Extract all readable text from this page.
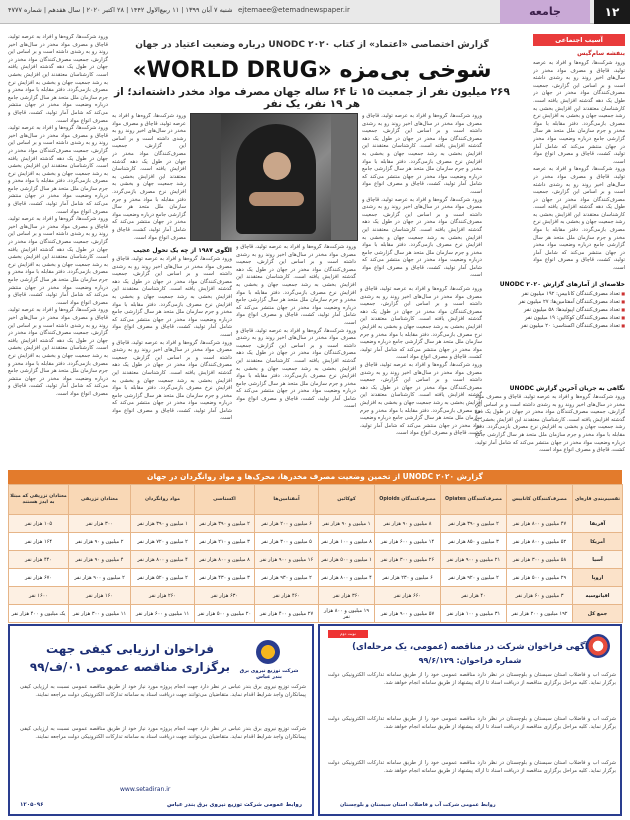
۱۲
جامعه
ejtemaee@etemadnewspaper.ir
شنبه ۷ آبان ۱۳۹۹ | ۱۱ ربیع‌الاول ۱۴۴۲ | ۲۸ اکتبر ۲۰۲۰ | سال هفدهم | شماره ۴۷۷۷
آسیب اجتماعی
بنفشه سام‌گیس
ورود شرکت‌ها، گروه‌ها و افراد به عرصه تولید، قاچاق و مصرف مواد مخدر در سال‌های اخیر روند رو به رشدی داشته است و بر اساس این گزارش، جمعیت مصرف‌کنندگان مواد مخدر در جهان در طول یک دهه گذشته افزایش یافته است. کارشناسان معتقدند این افزایش بخشی به رشد جمعیت جهان و بخشی به افزایش نرخ مصرف بازمی‌گردد. دفتر مقابله با مواد مخدر و جرم سازمان ملل متحد هر سال گزارشی جامع درباره وضعیت مواد مخدر در جهان منتشر می‌کند که شامل آمار تولید، کشت، قاچاق و مصرف انواع مواد است.
ورود شرکت‌ها، گروه‌ها و افراد به عرصه تولید، قاچاق و مصرف مواد مخدر در سال‌های اخیر روند رو به رشدی داشته است و بر اساس این گزارش، جمعیت مصرف‌کنندگان مواد مخدر در جهان در طول یک دهه گذشته افزایش یافته است. کارشناسان معتقدند این افزایش بخشی به رشد جمعیت جهان و بخشی به افزایش نرخ مصرف بازمی‌گردد. دفتر مقابله با مواد مخدر و جرم سازمان ملل متحد هر سال گزارشی جامع درباره وضعیت مواد مخدر در جهان منتشر می‌کند که شامل آمار تولید، کشت، قاچاق و مصرف انواع مواد است.
خلاصه‌ای از آمارهای گزارش UNODC ۲۰۲۰
■ تعداد مصرف‌کنندگان کانابیس: ۱۹۲ میلیون نفر
■ تعداد مصرف‌کنندگان آمفتامین‌ها: ۲۷ میلیون نفر
■ تعداد مصرف‌کنندگان اپیوئیدها: ۵۸ میلیون نفر
■ تعداد مصرف‌کنندگان کوکائین: ۱۹ میلیون نفر
■ تعداد مصرف‌کنندگان اکستاسی: ۲۰ میلیون نفر
نگاهی به جریان آخرین گزارش UNODC
ورود شرکت‌ها، گروه‌ها و افراد به عرصه تولید، قاچاق و مصرف مواد مخدر در سال‌های اخیر روند رو به رشدی داشته است و بر اساس این گزارش، جمعیت مصرف‌کنندگان مواد مخدر در جهان در طول یک دهه گذشته افزایش یافته است. کارشناسان معتقدند این افزایش بخشی به رشد جمعیت جهان و بخشی به افزایش نرخ مصرف بازمی‌گردد. دفتر مقابله با مواد مخدر و جرم سازمان ملل متحد هر سال گزارشی جامع درباره وضعیت مواد مخدر در جهان منتشر می‌کند که شامل آمار تولید، کشت، قاچاق و مصرف انواع مواد است.
گزارش اختصاصی «اعتماد» از کتاب UNODC ۲۰۲۰ درباره وضعیت اعتیاد در جهان
شوخی بی‌مزه «WORLD DRUG»
۲۶۹ میلیون نفر از جمعیت ۱۵ تا ۶۴ ساله جهان مصرف مواد مخدر داشته‌اند؛ از هر ۱۹ نفر، یک نفر
ورود شرکت‌ها، گروه‌ها و افراد به عرصه تولید، قاچاق و مصرف مواد مخدر در سال‌های اخیر روند رو به رشدی داشته است و بر اساس این گزارش، جمعیت مصرف‌کنندگان مواد مخدر در جهان در طول یک دهه گذشته افزایش یافته است. کارشناسان معتقدند این افزایش بخشی به رشد جمعیت جهان و بخشی به افزایش نرخ مصرف بازمی‌گردد. دفتر مقابله با مواد مخدر و جرم سازمان ملل متحد هر سال گزارشی جامع درباره وضعیت مواد مخدر در جهان منتشر می‌کند که شامل آمار تولید، کشت، قاچاق و مصرف انواع مواد است.
ورود شرکت‌ها، گروه‌ها و افراد به عرصه تولید، قاچاق و مصرف مواد مخدر در سال‌های اخیر روند رو به رشدی داشته است و بر اساس این گزارش، جمعیت مصرف‌کنندگان مواد مخدر در جهان در طول یک دهه گذشته افزایش یافته است. کارشناسان معتقدند این افزایش بخشی به رشد جمعیت جهان و بخشی به افزایش نرخ مصرف بازمی‌گردد. دفتر مقابله با مواد مخدر و جرم سازمان ملل متحد هر سال گزارشی جامع درباره وضعیت مواد مخدر در جهان منتشر می‌کند که شامل آمار تولید، کشت، قاچاق و مصرف انواع مواد است.
ورود شرکت‌ها، گروه‌ها و افراد به عرصه تولید، قاچاق و مصرف مواد مخدر در سال‌های اخیر روند رو به رشدی داشته است و بر اساس این گزارش، جمعیت مصرف‌کنندگان مواد مخدر در جهان در طول یک دهه گذشته افزایش یافته است. کارشناسان معتقدند این افزایش بخشی به رشد جمعیت جهان و بخشی به افزایش نرخ مصرف بازمی‌گردد. دفتر مقابله با مواد مخدر و جرم سازمان ملل متحد هر سال گزارشی جامع درباره وضعیت مواد مخدر در جهان منتشر می‌کند که شامل آمار تولید، کشت، قاچاق و مصرف انواع مواد است.
الگوی ۱۹۸۷ از چه یک تحول عجیب
ورود شرکت‌ها، گروه‌ها و افراد به عرصه تولید، قاچاق و مصرف مواد مخدر در سال‌های اخیر روند رو به رشدی داشته است و بر اساس این گزارش، جمعیت مصرف‌کنندگان مواد مخدر در جهان در طول یک دهه گذشته افزایش یافته است. کارشناسان معتقدند این افزایش بخشی به رشد جمعیت جهان و بخشی به افزایش نرخ مصرف بازمی‌گردد. دفتر مقابله با مواد مخدر و جرم سازمان ملل متحد هر سال گزارشی جامع درباره وضعیت مواد مخدر در جهان منتشر می‌کند که شامل آمار تولید، کشت، قاچاق و مصرف انواع مواد است.
ورود شرکت‌ها، گروه‌ها و افراد به عرصه تولید، قاچاق و مصرف مواد مخدر در سال‌های اخیر روند رو به رشدی داشته است و بر اساس این گزارش، جمعیت مصرف‌کنندگان مواد مخدر در جهان در طول یک دهه گذشته افزایش یافته است. کارشناسان معتقدند این افزایش بخشی به رشد جمعیت جهان و بخشی به افزایش نرخ مصرف بازمی‌گردد. دفتر مقابله با مواد مخدر و جرم سازمان ملل متحد هر سال گزارشی جامع درباره وضعیت مواد مخدر در جهان منتشر می‌کند که شامل آمار تولید، کشت، قاچاق و مصرف انواع مواد است.
ورود شرکت‌ها، گروه‌ها و افراد به عرصه تولید، قاچاق و مصرف مواد مخدر در سال‌های اخیر روند رو به رشدی داشته است و بر اساس این گزارش، جمعیت مصرف‌کنندگان مواد مخدر در جهان در طول یک دهه گذشته افزایش یافته است. کارشناسان معتقدند این افزایش بخشی به رشد جمعیت جهان و بخشی به افزایش نرخ مصرف بازمی‌گردد. دفتر مقابله با مواد مخدر و جرم سازمان ملل متحد هر سال گزارشی جامع درباره وضعیت مواد مخدر در جهان منتشر می‌کند که شامل آمار تولید، کشت، قاچاق و مصرف انواع مواد است.
ورود شرکت‌ها، گروه‌ها و افراد به عرصه تولید، قاچاق و مصرف مواد مخدر در سال‌های اخیر روند رو به رشدی داشته است و بر اساس این گزارش، جمعیت مصرف‌کنندگان مواد مخدر در جهان در طول یک دهه گذشته افزایش یافته است. کارشناسان معتقدند این افزایش بخشی به رشد جمعیت جهان و بخشی به افزایش نرخ مصرف بازمی‌گردد. دفتر مقابله با مواد مخدر و جرم سازمان ملل متحد هر سال گزارشی جامع درباره وضعیت مواد مخدر در جهان منتشر می‌کند که شامل آمار تولید، کشت، قاچاق و مصرف انواع مواد است.
ورود شرکت‌ها، گروه‌ها و افراد به عرصه تولید، قاچاق و مصرف مواد مخدر در سال‌های اخیر روند رو به رشدی داشته است و بر اساس این گزارش، جمعیت مصرف‌کنندگان مواد مخدر در جهان در طول یک دهه گذشته افزایش یافته است. کارشناسان معتقدند این افزایش بخشی به رشد جمعیت جهان و بخشی به افزایش نرخ مصرف بازمی‌گردد. دفتر مقابله با مواد مخدر و جرم سازمان ملل متحد هر سال گزارشی جامع درباره وضعیت مواد مخدر در جهان منتشر می‌کند که شامل آمار تولید، کشت، قاچاق و مصرف انواع مواد است.
ورود شرکت‌ها، گروه‌ها و افراد به عرصه تولید، قاچاق و مصرف مواد مخدر در سال‌های اخیر روند رو به رشدی داشته است و بر اساس این گزارش، جمعیت مصرف‌کنندگان مواد مخدر در جهان در طول یک دهه گذشته افزایش یافته است. کارشناسان معتقدند این افزایش بخشی به رشد جمعیت جهان و بخشی به افزایش نرخ مصرف بازمی‌گردد. دفتر مقابله با مواد مخدر و جرم سازمان ملل متحد هر سال گزارشی جامع درباره وضعیت مواد مخدر در جهان منتشر می‌کند که شامل آمار تولید، کشت، قاچاق و مصرف انواع مواد است.
ورود شرکت‌ها، گروه‌ها و افراد به عرصه تولید، قاچاق و مصرف مواد مخدر در سال‌های اخیر روند رو به رشدی داشته است و بر اساس این گزارش، جمعیت مصرف‌کنندگان مواد مخدر در جهان در طول یک دهه گذشته افزایش یافته است. کارشناسان معتقدند این افزایش بخشی به رشد جمعیت جهان و بخشی به افزایش نرخ مصرف بازمی‌گردد. دفتر مقابله با مواد مخدر و جرم سازمان ملل متحد هر سال گزارشی جامع درباره وضعیت مواد مخدر در جهان منتشر می‌کند که شامل آمار تولید، کشت، قاچاق و مصرف انواع مواد است.
ورود شرکت‌ها، گروه‌ها و افراد به عرصه تولید، قاچاق و مصرف مواد مخدر در سال‌های اخیر روند رو به رشدی داشته است و بر اساس این گزارش، جمعیت مصرف‌کنندگان مواد مخدر در جهان در طول یک دهه گذشته افزایش یافته است. کارشناسان معتقدند این افزایش بخشی به رشد جمعیت جهان و بخشی به افزایش نرخ مصرف بازمی‌گردد. دفتر مقابله با مواد مخدر و جرم سازمان ملل متحد هر سال گزارشی جامع درباره وضعیت مواد مخدر در جهان منتشر می‌کند که شامل آمار تولید، کشت، قاچاق و مصرف انواع مواد است.
ورود شرکت‌ها، گروه‌ها و افراد به عرصه تولید، قاچاق و مصرف مواد مخدر در سال‌های اخیر روند رو به رشدی داشته است و بر اساس این گزارش، جمعیت مصرف‌کنندگان مواد مخدر در جهان در طول یک دهه گذشته افزایش یافته است. کارشناسان معتقدند این افزایش بخشی به رشد جمعیت جهان و بخشی به افزایش نرخ مصرف بازمی‌گردد. دفتر مقابله با مواد مخدر و جرم سازمان ملل متحد هر سال گزارشی جامع درباره وضعیت مواد مخدر در جهان منتشر می‌کند که شامل آمار تولید، کشت، قاچاق و مصرف انواع مواد است.
ورود شرکت‌ها، گروه‌ها و افراد به عرصه تولید، قاچاق و مصرف مواد مخدر در سال‌های اخیر روند رو به رشدی داشته است و بر اساس این گزارش، جمعیت مصرف‌کنندگان مواد مخدر در جهان در طول یک دهه گذشته افزایش یافته است. کارشناسان معتقدند این افزایش بخشی به رشد جمعیت جهان و بخشی به افزایش نرخ مصرف بازمی‌گردد. دفتر مقابله با مواد مخدر و جرم سازمان ملل متحد هر سال گزارشی جامع درباره وضعیت مواد مخدر در جهان منتشر می‌کند که شامل آمار تولید، کشت، قاچاق و مصرف انواع مواد است.
گزارش UNODC ۲۰۲۰ از تخمین وضعیت مصرف مخدرها، محرک‌ها و مواد روانگردان در جهان
تقسیم‌بندی قاره‌ای	مصرف‌کنندگان کانابیس	مصرف‌کنندگان Opiates	مصرف‌کنندگان Opioids	کوکائین	آمفتامین‌ها	اکستاسی	مواد روانگردان	معتادان تزریقی	معتادان تزریقی که مبتلا به ایدز هستند
آفریقا	۴۷ میلیون و ۸۰۰ هزار نفر	۲ میلیون و ۳۹۰ هزار نفر	۸ میلیون و ۹۰ هزار نفر	۱ میلیون و ۹۰ هزار نفر	۶ میلیون و ۲۰۰ هزار نفر	۲ میلیون و ۳۹۰ هزار نفر	۱ میلیون و ۳۹۰ هزار نفر	۳۰۰ هزار نفر	۱۰۵ هزار نفر
آمریکا	۵۲ میلیون و ۸۰۰ هزار نفر	۳ میلیون و ۸۵۰ هزار نفر	۱۴ میلیون و ۶۰۰ هزار نفر	۸ میلیون و ۱۰۰ هزار نفر	۵ میلیون و ۳۰۰ هزار نفر	۳ میلیون و ۲۱۰ هزار نفر	۲ میلیون و ۷۲۰ هزار نفر	۲ میلیون و ۹۰ هزار نفر	۱۶۴ هزار نفر
آسیا	۵۸ میلیون و ۳۰۰ هزار نفر	۲۱ میلیون و ۹۰۰ هزار نفر	۲۶ میلیون و ۳۰۰ هزار نفر	۱ میلیون و ۵۰۰ هزار نفر	۱۶ میلیون و ۹۰۰ هزار نفر	۸ میلیون و ۸۰۰ هزار نفر	۴ میلیون و ۸۰۰ هزار نفر	۴ میلیون و ۹۰ هزار نفر	۴۴۰ هزار نفر
اروپا	۲۹ میلیون و ۵۰۰ هزار نفر	۲ میلیون و ۹۲۰ هزار نفر	۶ میلیون و ۲۳۰ هزار نفر	۴ میلیون و ۸۰۰ هزار نفر	۲ میلیون و ۹۳۰ هزار نفر	۳ میلیون و ۴۳۰ هزار نفر	۲ میلیون و ۵۲۰ هزار نفر	۲ میلیون و ۹۰۰ هزار نفر	۶۷۰ هزار نفر
اقیانوسیه	۳ میلیون و ۶۰ هزار نفر	۴۰ هزار نفر	۶۶۰ هزار نفر	۳۶۰ هزار نفر	۴۶۰ هزار نفر	۶۳۰ هزار نفر	۲۶۰ هزار نفر	۱۶۰ هزار نفر	۱۶۰۰ نفر
جمع کل	۱۹۲ میلیون و ۲۰۰ هزار نفر	۳۱ میلیون و ۱۰۰ هزار نفر	۵۷ میلیون و ۹۰۰ هزار نفر	۱۹ میلیون و ۸۰۰ هزار نفر	۲۷ میلیون و ۴۰۰ هزار نفر	۲۰ میلیون و ۵۰۰ هزار نفر	۱۱ میلیون و ۶۰۰ هزار نفر	۱۱ میلیون و ۳۰۰ هزار نفر	یک میلیون و ۴۰۰ هزار نفر
فراخوان ارزیابی کیفی جهت برگزاری مناقصه عمومی ۰۱/ف/۹۹	شرکت توزیع نیروی برق بندر عباس
شرکت توزیع نیروی برق بندر عباس در نظر دارد جهت انجام پروژه مورد نیاز خود از طریق مناقصه عمومی نسبت به ارزیابی کیفی پیمانکاران واجد شرایط اقدام نماید. متقاضیان می‌توانند جهت دریافت اسناد به سامانه تدارکات الکترونیکی دولت مراجعه نمایند.
شرکت توزیع نیروی برق بندر عباس در نظر دارد جهت انجام پروژه مورد نیاز خود از طریق مناقصه عمومی نسبت به ارزیابی کیفی پیمانکاران واجد شرایط اقدام نماید. متقاضیان می‌توانند جهت دریافت اسناد به سامانه تدارکات الکترونیکی دولت مراجعه نمایند.
www.setadiran.ir
روابط عمومی شرکت توزیع نیروی برق بندر عباس
۱۲۰۵۰۹۶
نوبت دوم
آگهی فراخوان شرکت در مناقصه (عمومی، یک مرحله‌ای)
شماره فراخوان: ۹۹/۶/۱۲۹
شرکت آب و فاضلاب استان سیستان و بلوچستان در نظر دارد مناقصه عمومی خود را از طریق سامانه تدارکات الکترونیکی دولت برگزار نماید. کلیه مراحل برگزاری مناقصه از دریافت اسناد تا ارائه پیشنهاد از طریق سامانه انجام خواهد شد.
شرکت آب و فاضلاب استان سیستان و بلوچستان در نظر دارد مناقصه عمومی خود را از طریق سامانه تدارکات الکترونیکی دولت برگزار نماید. کلیه مراحل برگزاری مناقصه از دریافت اسناد تا ارائه پیشنهاد از طریق سامانه انجام خواهد شد.
شرکت آب و فاضلاب استان سیستان و بلوچستان در نظر دارد مناقصه عمومی خود را از طریق سامانه تدارکات الکترونیکی دولت برگزار نماید. کلیه مراحل برگزاری مناقصه از دریافت اسناد تا ارائه پیشنهاد از طریق سامانه انجام خواهد شد.
روابط عمومی شرکت آب و فاضلاب استان سیستان و بلوچستان
